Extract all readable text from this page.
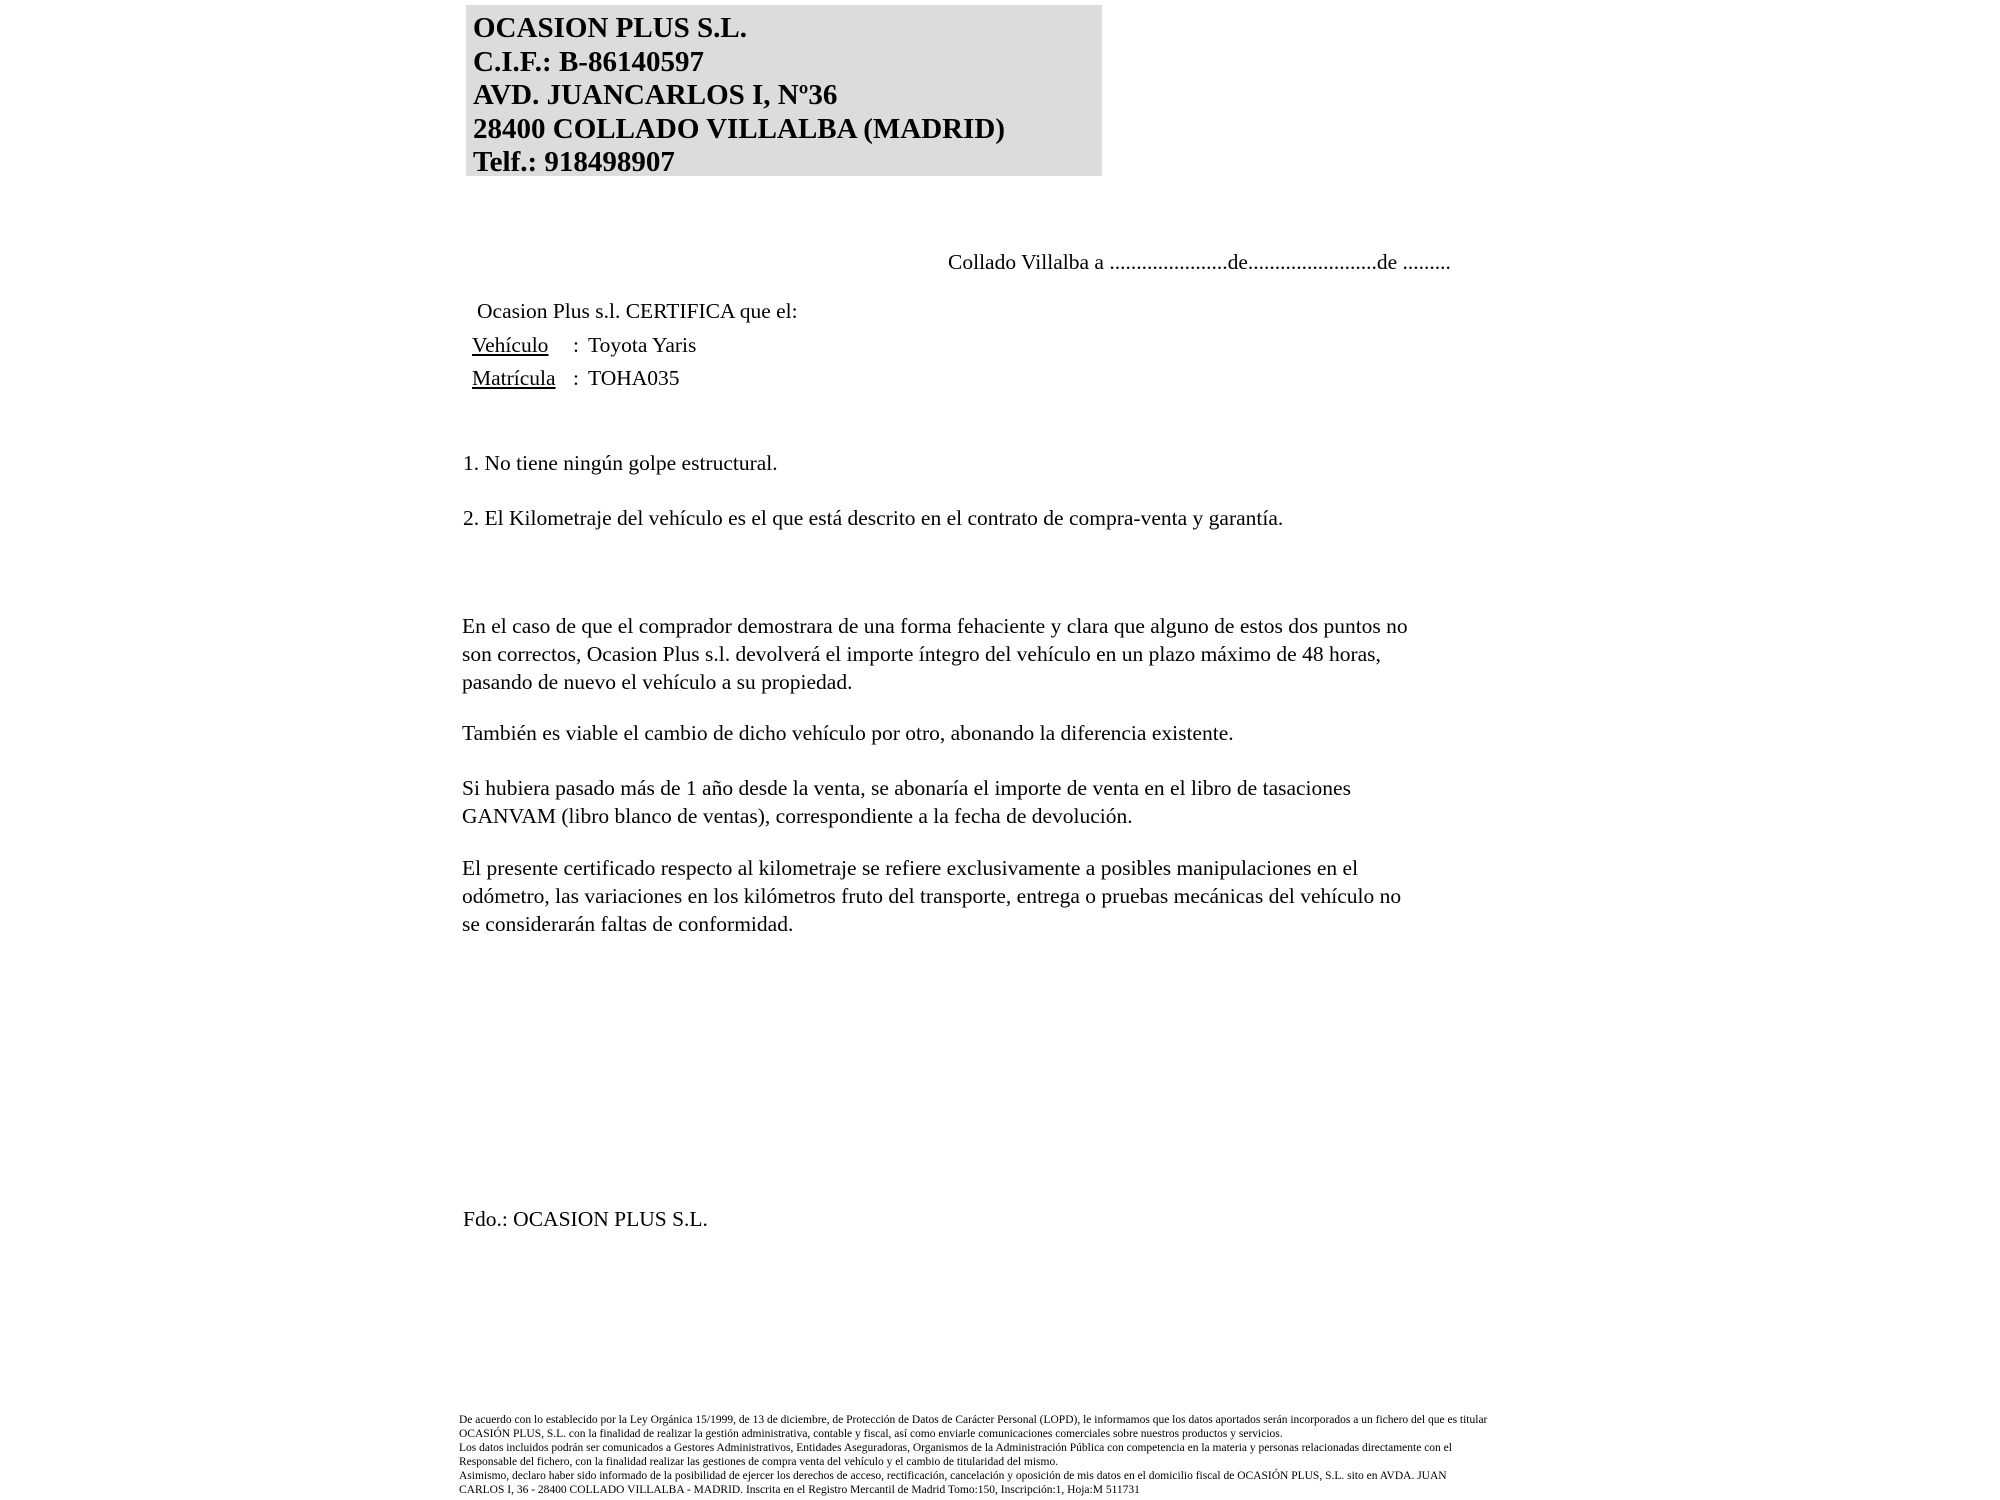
OCASION PLUS S.L.
C.I.F.: B-86140597
AVD. JUANCARLOS I, Nº36
28400 COLLADO VILLALBA (MADRID)
Telf.: 918498907
Collado Villalba a ......................de........................de .........
Ocasion Plus s.l. CERTIFICA que el:
Vehículo : Toyota Yaris
Matrícula : TOHA035
1. No tiene ningún golpe estructural.
2. El Kilometraje del vehículo es el que está descrito en el contrato de compra-venta y garantía.
En el caso de que el comprador demostrara de una forma fehaciente y clara que alguno de estos dos puntos no
son correctos, Ocasion Plus s.l. devolverá el importe íntegro del vehículo en un plazo máximo de 48 horas,
pasando de nuevo el vehículo a su propiedad.
También es viable el cambio de dicho vehículo por otro, abonando la diferencia existente.
Si hubiera pasado más de 1 año desde la venta, se abonaría el importe de venta en el libro de tasaciones
GANVAM (libro blanco de ventas), correspondiente a la fecha de devolución.
El presente certificado respecto al kilometraje se refiere exclusivamente a posibles manipulaciones en el
odómetro, las variaciones en los kilómetros fruto del transporte, entrega o pruebas mecánicas del vehículo no
se considerarán faltas de conformidad.
Fdo.: OCASION PLUS S.L.
De acuerdo con lo establecido por la Ley Orgánica 15/1999, de 13 de diciembre, de Protección de Datos de Carácter Personal (LOPD), le informamos que los datos aportados serán incorporados a un fichero del que es titular
OCASIÓN PLUS, S.L. con la finalidad de realizar la gestión administrativa, contable y fiscal, así como enviarle comunicaciones comerciales sobre nuestros productos y servicios.
Los datos incluidos podrán ser comunicados a Gestores Administrativos, Entidades Aseguradoras, Organismos de la Administración Pública con competencia en la materia y personas relacionadas directamente con el
Responsable del fichero, con la finalidad realizar las gestiones de compra venta del vehículo y el cambio de titularidad del mismo.
Asimismo, declaro haber sido informado de la posibilidad de ejercer los derechos de acceso, rectificación, cancelación y oposición de mis datos en el domicilio fiscal de OCASIÓN PLUS, S.L. sito en AVDA. JUAN
CARLOS I, 36 - 28400 COLLADO VILLALBA - MADRID. Inscrita en el Registro Mercantil de Madrid Tomo:150, Inscripción:1, Hoja:M 511731
